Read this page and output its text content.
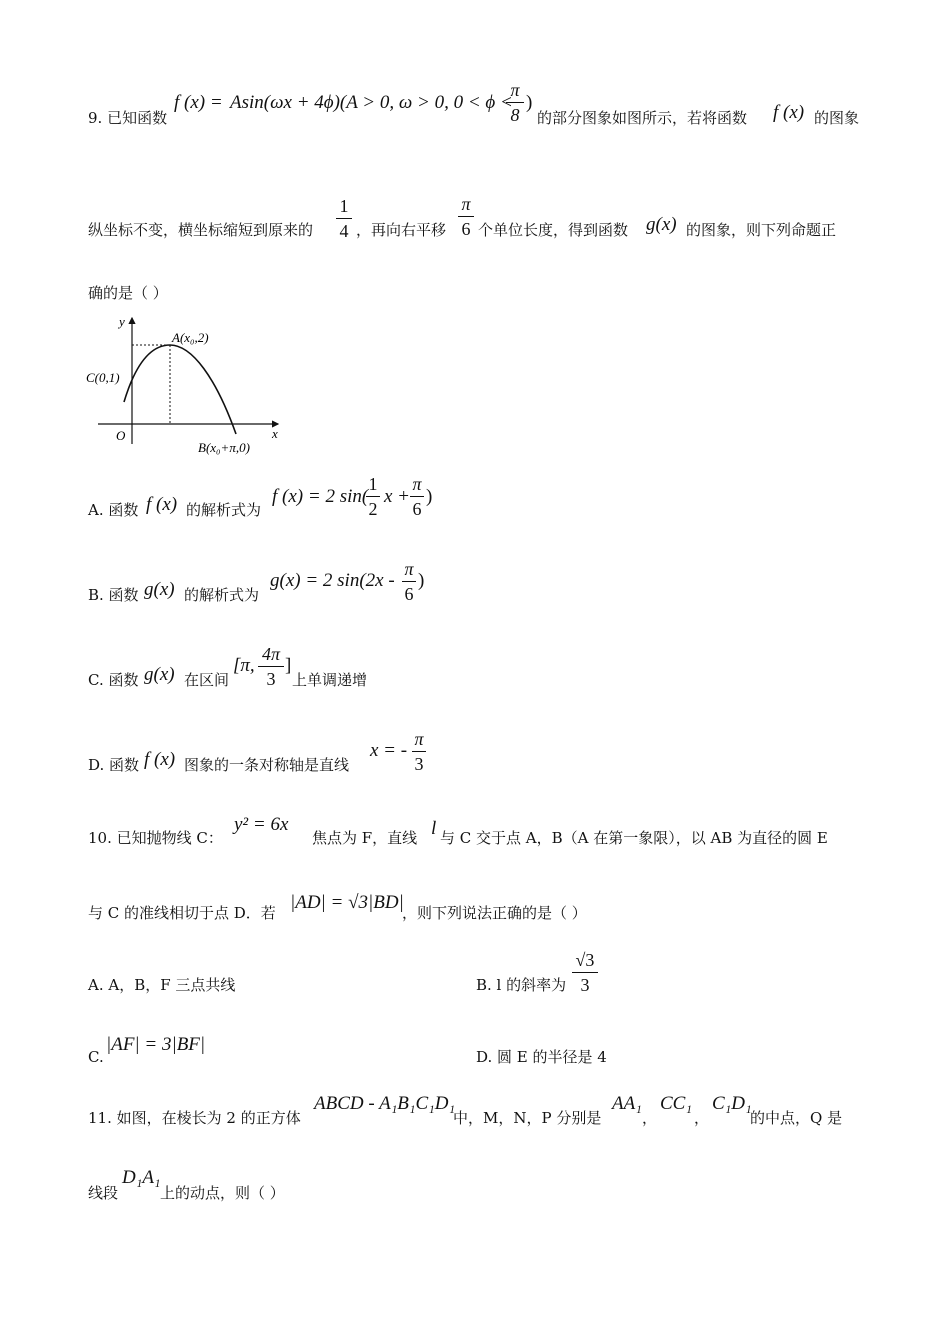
9. 已知函数
f (x) = Asin(ωx + 4ϕ)(A > 0, ω > 0, 0 < ϕ <
π
8
)
的部分图象如图所示，若将函数 f (x) 的图象
纵坐标不变，横坐标缩短到原来的
1
4 ，再向右平移
π
6 个单位长度，得到函数 g(x) 的图象，则下列命题正
确的是（ ）
y
x
A(x₀,2)
C(0,1)
O
B(x₀+π,0)
A. 函数 f (x) 的解析式为
f (x) = 2 sin(
1
2
x +
π
6
)
B. 函数 g(x) 的解析式为
g(x) = 2 sin(2x -
π
6
)
C. 函数 g(x) 在区间
[π,
4π
3
]
上单调递增
D. 函数 f (x) 图象的一条对称轴是直线
x = -
π
3
10. 已知抛物线 C：
y² = 6x
焦点为 F，直线 l 与 C 交于点 A，B（A 在第一象限），以 AB 为直径的圆 E
与 C 的准线相切于点 D．若 |AD| = √3|BD|
，则下列说法正确的是（ ）
A. A，B，F 三点共线	B. l 的斜率为
√3
3
C.
|AF| = 3|BF|
D. 圆 E 的半径是 4
11. 如图，在棱长为 2 的正方体
ABCD - A₁B₁C₁D₁
中，M，N，P 分别是
AA₁
，
CC₁
，
C₁D₁
的中点，Q 是
线段
D₁A₁
上的动点，则（ ）
